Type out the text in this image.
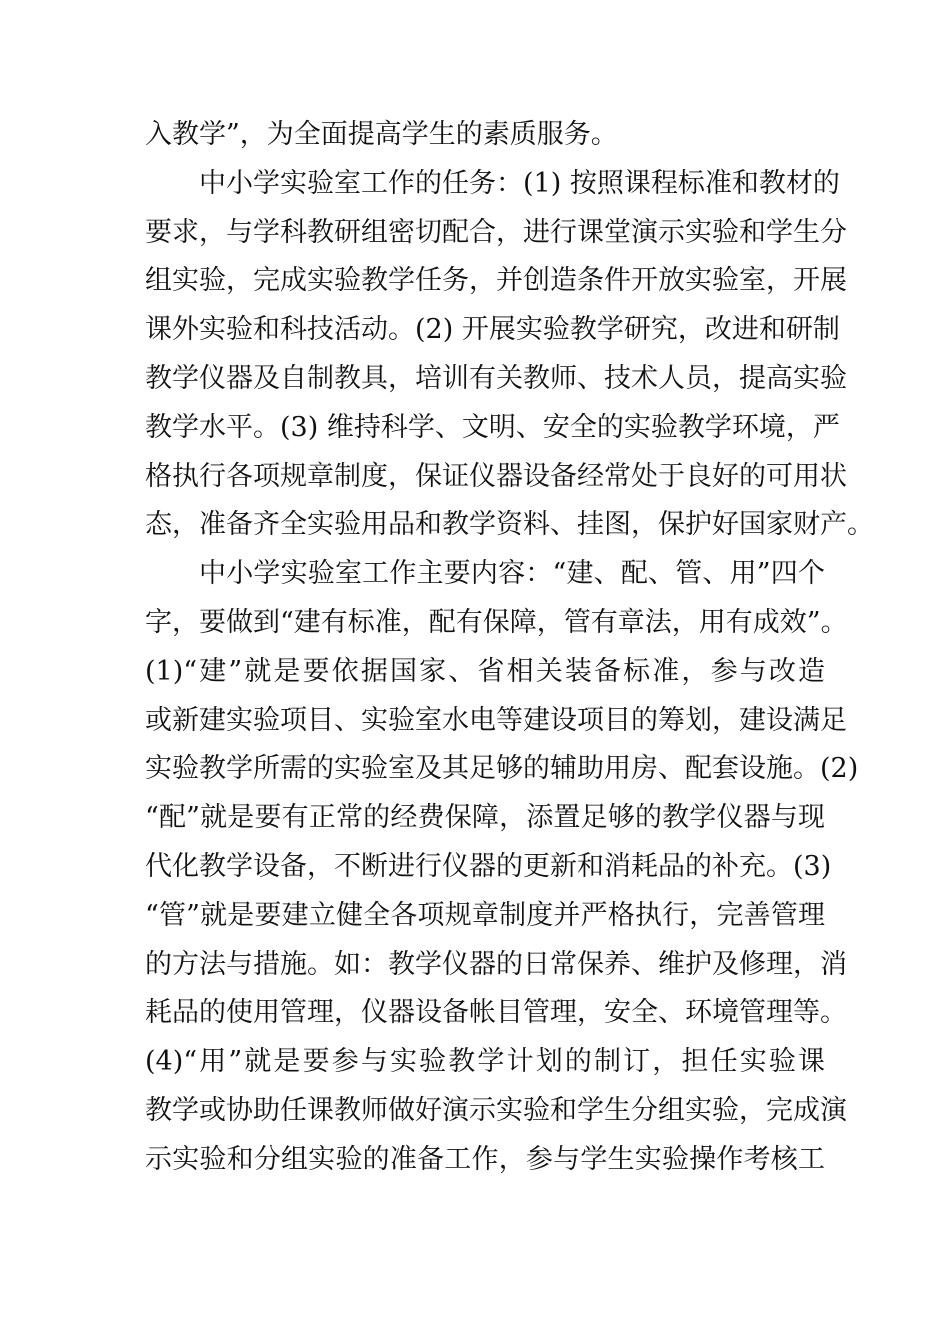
入教学”，为全面提高学生的素质服务。
中小学实验室工作的任务：(1) 按照课程标准和教材的
要求，与学科教研组密切配合，进行课堂演示实验和学生分
组实验，完成实验教学任务，并创造条件开放实验室，开展
课外实验和科技活动。(2) 开展实验教学研究，改进和研制
教学仪器及自制教具，培训有关教师、技术人员，提高实验
教学水平。(3) 维持科学、文明、安全的实验教学环境，严
格执行各项规章制度，保证仪器设备经常处于良好的可用状
态，准备齐全实验用品和教学资料、挂图，保护好国家财产。
中小学实验室工作主要内容：“建、配、管、用”四个
字，要做到“建有标准，配有保障，管有章法，用有成效”。
(1)“建”就是要依据国家、省相关装备标准，参与改造
或新建实验项目、实验室水电等建设项目的筹划，建设满足
实验教学所需的实验室及其足够的辅助用房、配套设施。(2)
“配”就是要有正常的经费保障，添置足够的教学仪器与现
代化教学设备，不断进行仪器的更新和消耗品的补充。(3)
“管”就是要建立健全各项规章制度并严格执行，完善管理
的方法与措施。如：教学仪器的日常保养、维护及修理，消
耗品的使用管理，仪器设备帐目管理，安全、环境管理等。
(4)“用”就是要参与实验教学计划的制订，担任实验课
教学或协助任课教师做好演示实验和学生分组实验，完成演
示实验和分组实验的准备工作，参与学生实验操作考核工
